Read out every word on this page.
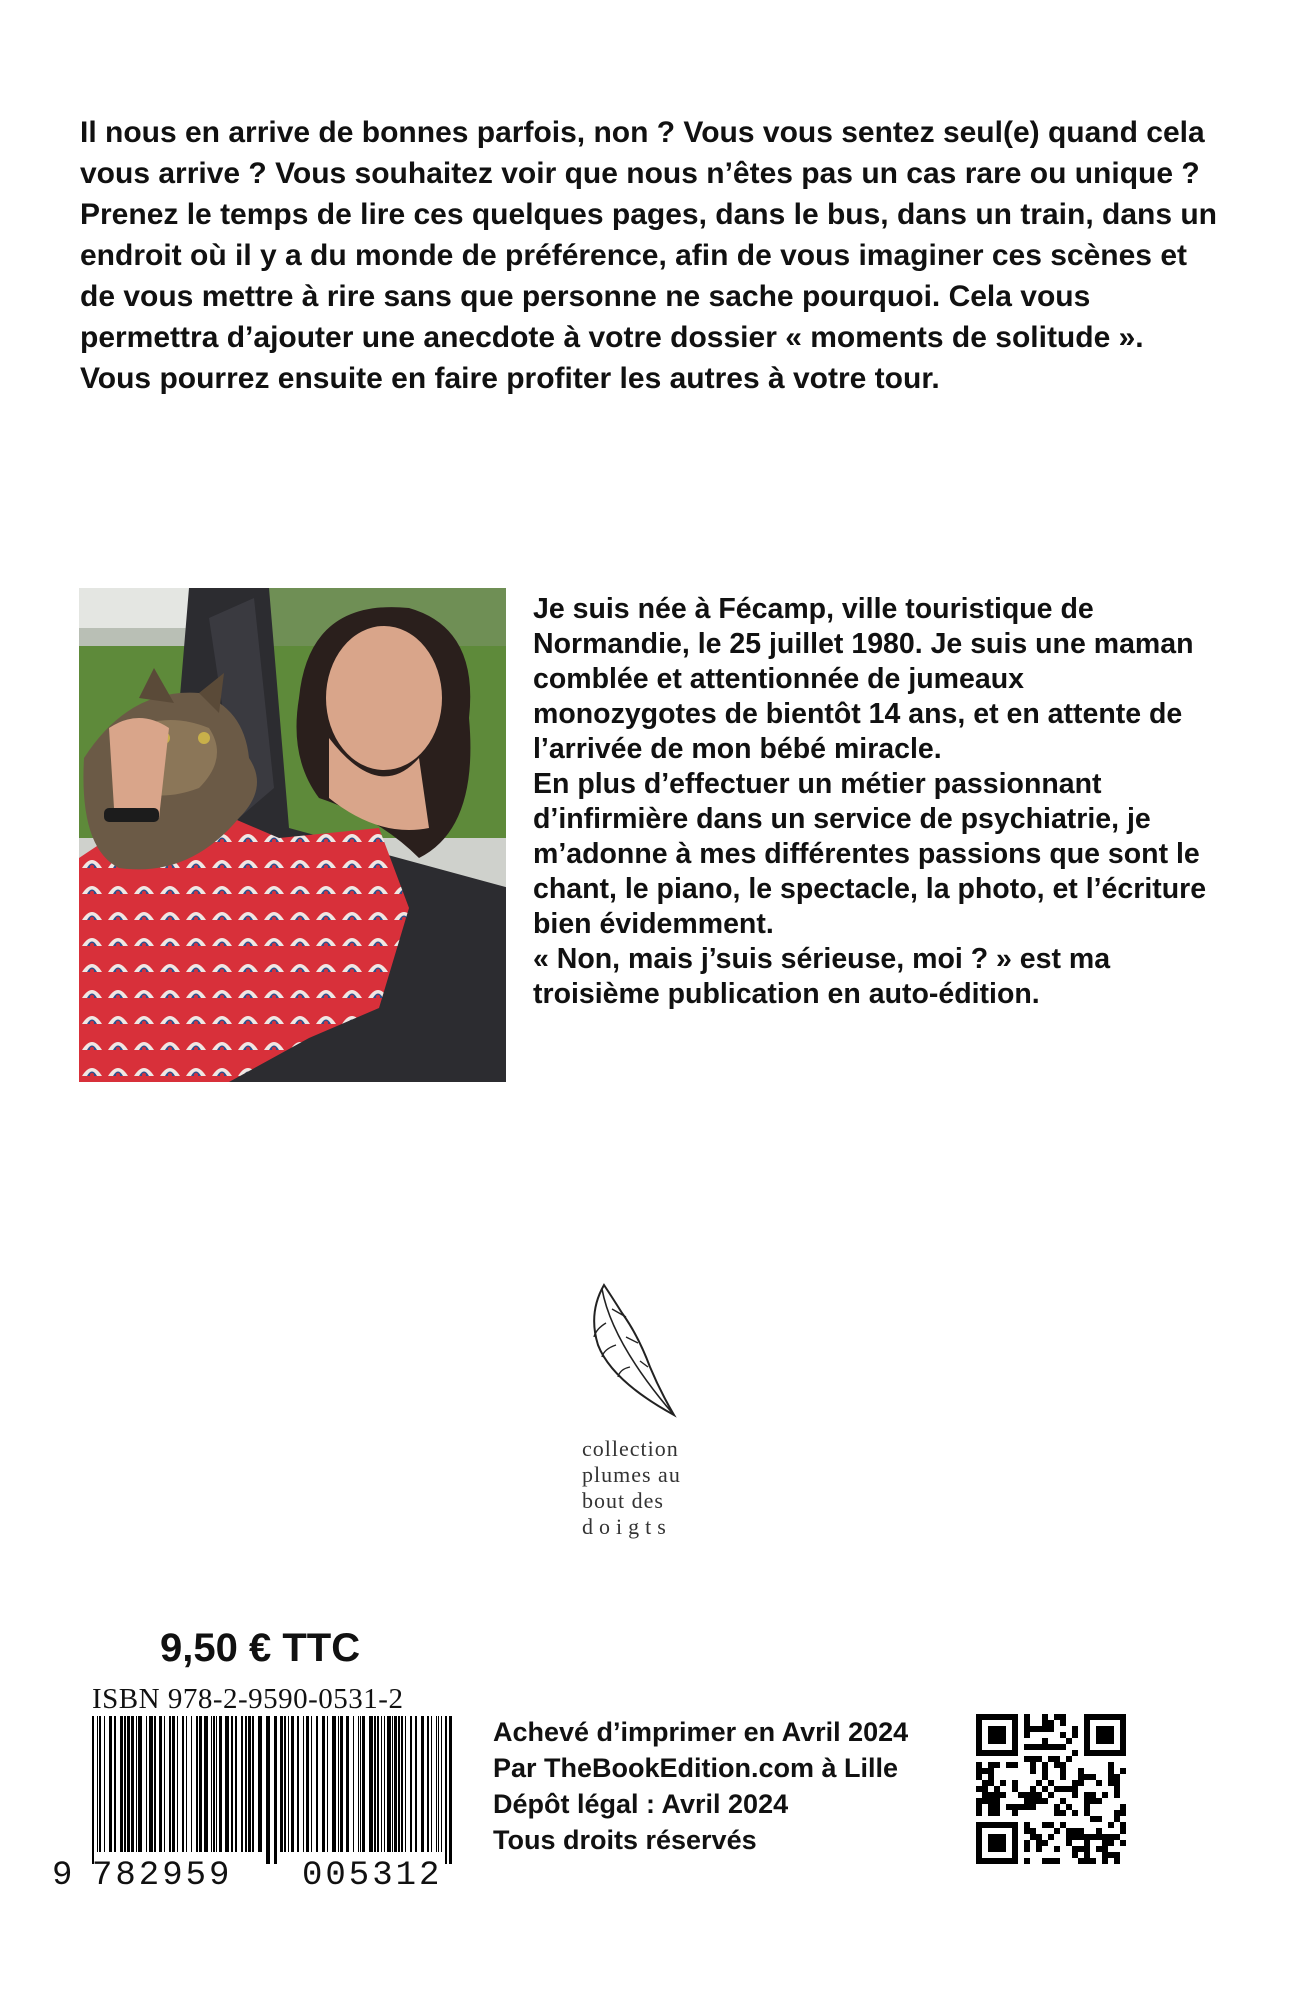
Il nous en arrive de bonnes parfois, non ? Vous vous sentez seul(e) quand cela vous arrive ? Vous souhaitez voir que nous n’êtes pas un cas rare ou unique ? Prenez le temps de lire ces quelques pages, dans le bus, dans un train, dans un endroit où il y a du monde de préférence, afin de vous imaginer ces scènes et de vous mettre à rire sans que personne ne sache pourquoi. Cela vous permettra d’ajouter une anecdote à votre dossier « moments de solitude ». Vous pourrez ensuite en faire profiter les autres à votre tour.

Je suis née à Fécamp, ville touristique de Normandie, le 25 juillet 1980. Je suis une maman comblée et attentionnée de jumeaux monozygotes de bientôt 14 ans, et en attente de l’arrivée de mon bébé miracle.

En plus d’effectuer un métier passionnant d’infirmière dans un service de psychiatrie, je m’adonne à mes différentes passions que sont le chant, le piano, le spectacle, la photo, et l’écriture bien évidemment.

« Non, mais j’suis sérieuse, moi ? » est ma troisième publication en auto-édition.

collection
plumes au
bout des
doigts
9,50 € TTC
ISBN 978-2-9590-0531-2
9 782959 005312
Achevé d’imprimer en Avril 2024
Par TheBookEdition.com à Lille
Dépôt légal : Avril 2024
Tous droits réservés
